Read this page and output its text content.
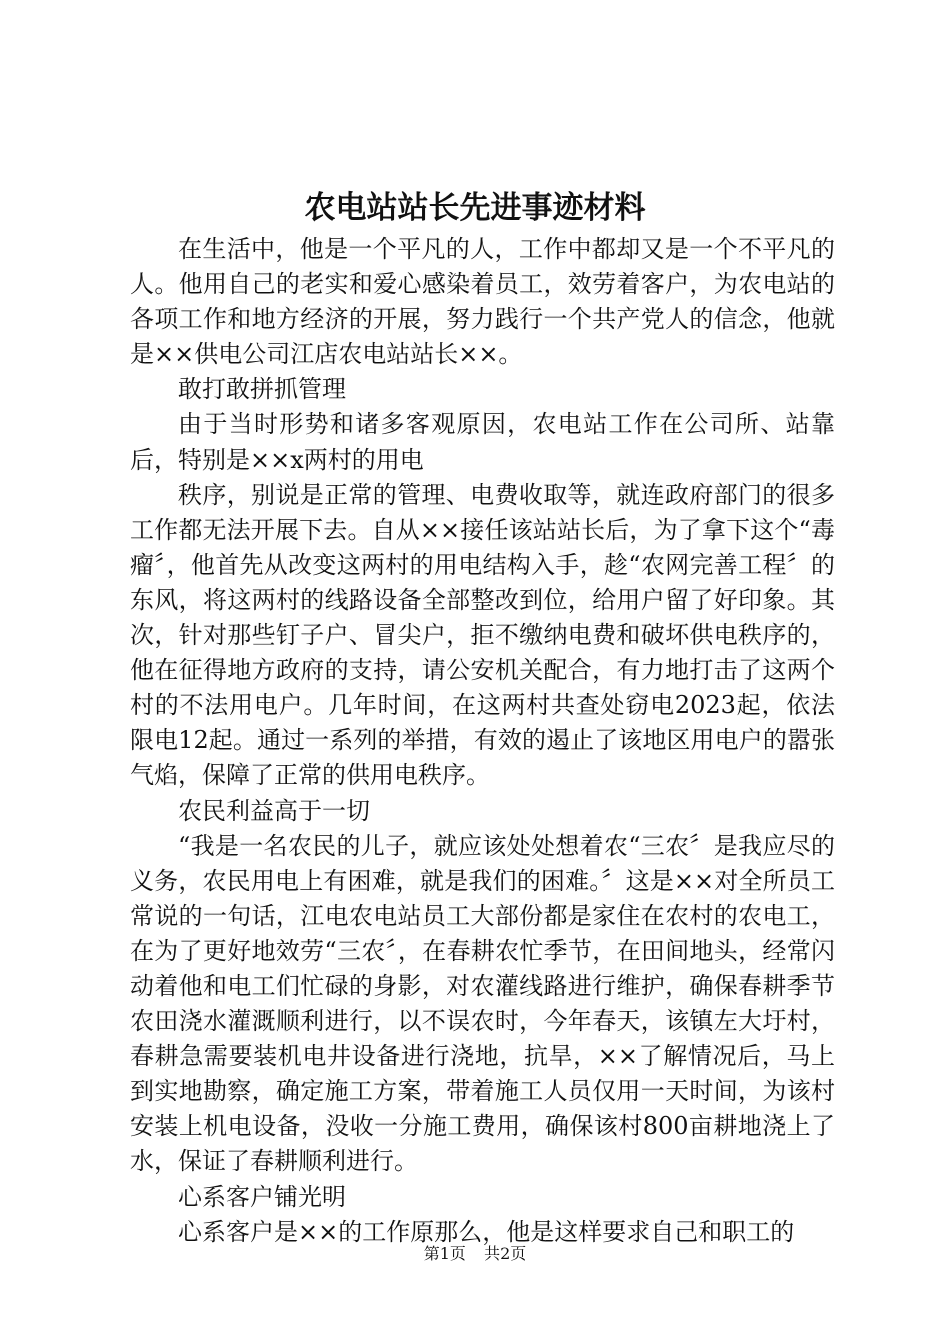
农电站站长先进事迹材料

在生活中，他是一个平凡的人，工作中都却又是一个不平凡的人。他用自己的老实和爱心感染着员工，效劳着客户，为农电站的各项工作和地方经济的开展，努力践行一个共产党人的信念，他就是××供电公司江店农电站站长××。

敢打敢拼抓管理

由于当时形势和诸多客观原因，农电站工作在公司所、站靠后，特别是××x两村的用电

秩序，别说是正常的管理、电费收取等，就连政府部门的很多工作都无法开展下去。自从××接任该站站长后，为了拿下这个“毒瘤〞，他首先从改变这两村的用电结构入手，趁“农网完善工程〞的东风，将这两村的线路设备全部整改到位，给用户留了好印象。其次，针对那些钉子户、冒尖户，拒不缴纳电费和破坏供电秩序的，他在征得地方政府的支持，请公安机关配合，有力地打击了这两个村的不法用电户。几年时间，在这两村共查处窃电2023起，依法限电12起。通过一系列的举措，有效的遏止了该地区用电户的嚣张气焰，保障了正常的供用电秩序。

农民利益高于一切

“我是一名农民的儿子，就应该处处想着农“三农〞是我应尽的义务，农民用电上有困难，就是我们的困难。〞这是××对全所员工常说的一句话，江电农电站员工大部份都是家住在农村的农电工，在为了更好地效劳“三农〞，在春耕农忙季节，在田间地头，经常闪动着他和电工们忙碌的身影，对农灌线路进行维护，确保春耕季节农田浇水灌溉顺利进行，以不误农时，今年春天，该镇左大圩村，春耕急需要装机电井设备进行浇地，抗旱，××了解情况后，马上到实地勘察，确定施工方案，带着施工人员仅用一天时间，为该村安装上机电设备，没收一分施工费用，确保该村800亩耕地浇上了水，保证了春耕顺利进行。

心系客户铺光明

心系客户是××的工作原那么，他是这样要求自己和职工的

第1页 共2页
